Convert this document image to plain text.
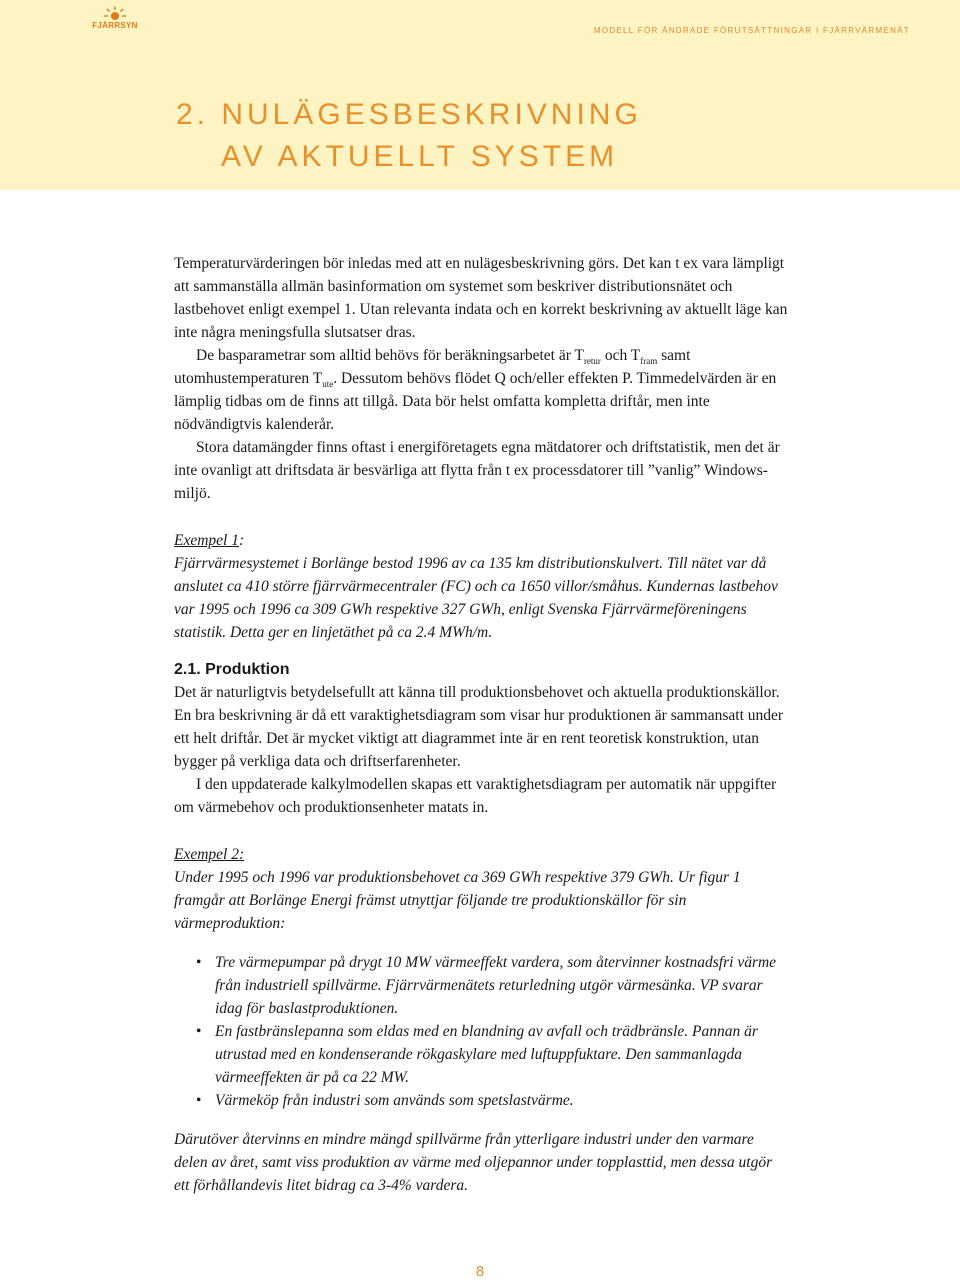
FJÄRRSYN
MODELL FÖR ÄNDRADE FÖRUTSÄTTNINGAR I FJÄRRVÄRMENÄT
2. NULÄGESBESKRIVNING
AV AKTUELLT SYSTEM

Temperaturvärderingen bör inledas med att en nulägesbeskrivning görs. Det kan t ex vara lämpligt att sammanställa allmän basinformation om systemet som beskriver distributionsnätet och lastbehovet enligt exempel 1. Utan relevanta indata och en korrekt beskrivning av aktuellt läge kan inte några meningsfulla slutsatser dras.

De basparametrar som alltid behövs för beräkningsarbetet är $T_{retur}$ och $T_{fram}$ samt utomhustemperaturen $T_{ute}$. Dessutom behövs flödet Q och/eller effekten P. Timmedelvärden är en lämplig tidbas om de finns att tillgå. Data bör helst omfatta kompletta driftår, men inte nödvändigtvis kalenderår.

Stora datamängder finns oftast i energiföretagets egna mätdatorer och driftstatistik, men det är inte ovanligt att driftsdata är besvärliga att flytta från t ex processdatorer till ”vanlig” Windows-miljö.

Exempel 1:

Fjärrvärmesystemet i Borlänge bestod 1996 av ca 135 km distributionskulvert. Till nätet var då anslutet ca 410 större fjärrvärmecentraler (FC) och ca 1650 villor/småhus. Kundernas lastbehov var 1995 och 1996 ca 309 GWh respektive 327 GWh, enligt Svenska Fjärrvärmeföreningens statistik. Detta ger en linjetäthet på ca 2.4 MWh/m.

2.1. Produktion

Det är naturligtvis betydelsefullt att känna till produktionsbehovet och aktuella produktionskällor. En bra beskrivning är då ett varaktighetsdiagram som visar hur produktionen är sammansatt under ett helt driftår. Det är mycket viktigt att diagrammet inte är en rent teoretisk konstruktion, utan bygger på verkliga data och driftserfarenheter.

I den uppdaterade kalkylmodellen skapas ett varaktighetsdiagram per automatik när uppgifter om värmebehov och produktionsenheter matats in.

Exempel 2:

Under 1995 och 1996 var produktionsbehovet ca 369 GWh respektive 379 GWh. Ur figur 1 framgår att Borlänge Energi främst utnyttjar följande tre produktionskällor för sin värmeproduktion:

• Tre värmepumpar på drygt 10 MW värmeeffekt vardera, som återvinner kostnadsfri värme från industriell spillvärme. Fjärrvärmenätets returledning utgör värmesänka. VP svarar idag för baslastproduktionen.
• En fastbränslepanna som eldas med en blandning av avfall och trädbränsle. Pannan är utrustad med en kondenserande rökgaskylare med luftuppfuktare. Den sammanlagda värmeeffekten är på ca 22 MW.
• Värmeköp från industri som används som spetslastvärme.

Därutöver återvinns en mindre mängd spillvärme från ytterligare industri under den varmare delen av året, samt viss produktion av värme med oljepannor under topplasttid, men dessa utgör ett förhållandevis litet bidrag ca 3-4% vardera.

8
